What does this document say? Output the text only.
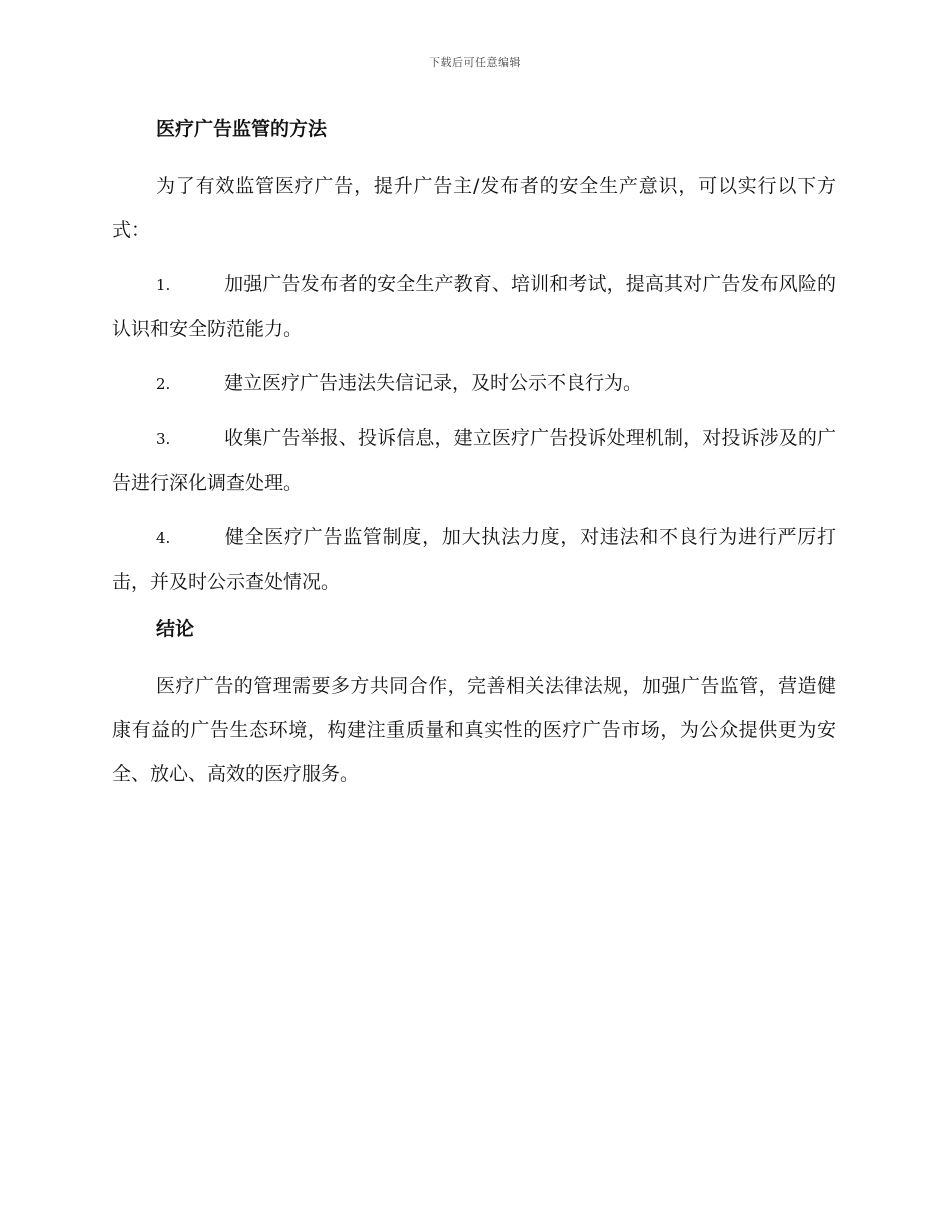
下载后可任意编辑
医疗广告监管的方法

为了有效监管医疗广告，提升广告主/发布者的安全生产意识，可以实行以下方式：

1.	加强广告发布者的安全生产教育、培训和考试，提高其对广告发布风险的认识和安全防范能力。

2.	建立医疗广告违法失信记录，及时公示不良行为。

3.	收集广告举报、投诉信息，建立医疗广告投诉处理机制，对投诉涉及的广告进行深化调查处理。

4.	健全医疗广告监管制度，加大执法力度，对违法和不良行为进行严厉打击，并及时公示查处情况。

结论

医疗广告的管理需要多方共同合作，完善相关法律法规，加强广告监管，营造健康有益的广告生态环境，构建注重质量和真实性的医疗广告市场，为公众提供更为安全、放心、高效的医疗服务。
